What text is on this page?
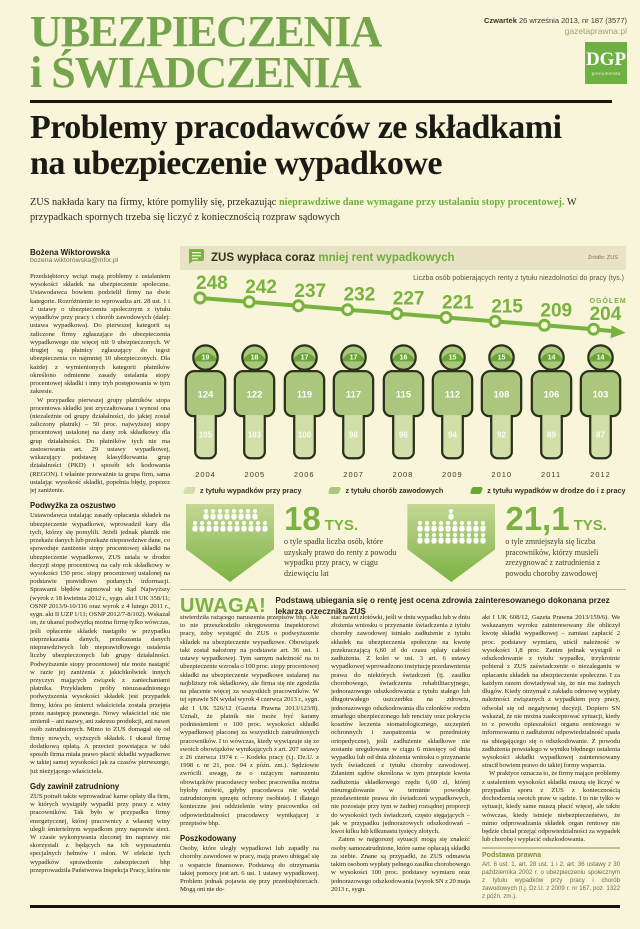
UBEZPIECZENIA
i ŚWIADCZENIA
Czwartek 26 września 2013, nr 187 (3577)
gazetaprawna.pl
DGP
prenumerata
Problemy pracodawców ze składkami
na ubezpieczenie wypadkowe

ZUS nakłada kary na firmy, które pomyliły się, przekazując nieprawdziwe dane wymagane przy ustalaniu stopy procentowej. W przypadkach spornych trzeba się liczyć z koniecznością rozpraw sądowych

Bożena Wiktorowska
bozena.wiktorowska@infor.pl

Przedsiębiorcy wciąż mają problemy z ustalaniem wysokości składek na ubezpieczenie społeczne. Ustawodawca bowiem podzielił firmy na dwie kategorie. Rozróżnienie to wprowadza art. 28 ust. 1 i 2 ustawy o ubezpieczeniu społecznym z tytułu wypadków przy pracy i chorób zawodowych (dalej: ustawa wypadkowa). Do pierwszej kategorii są zaliczone firmy zgłaszające do ubezpieczenia wypadkowego nie więcej niż 9 ubezpieczonych. W drugiej są płatnicy zgłaszający do tegoż ubezpieczenia co najmniej 10 ubezpieczonych. Dla każdej z wymienionych kategorii płatników określono odmienne zasady ustalania stopy procentowej składki i inny tryb postępowania w tym zakresie.

W przypadku pierwszej grupy płatników stopa procentowa składki jest zryczałtowana i wynosi ona (niezależnie od grupy działalności, do jakiej został zaliczony płatnik) – 50 proc. najwyższej stopy procentowej ustalonej na dany rok składkowy dla grup działalności. Do płatników tych nie ma zastosowania art. 29 ustawy wypadkowej, wskazujący podstawę klasyfikowania grup działalności (PKD) i sposób ich kodowania (REGON). I właśnie przeważnie ta grupa firm, sama ustalając wysokość składki, popełnia błędy, poprzez jej zaniżenie.

Podwyżka za oszustwo

Ustawodawca ustalając zasady opłacania składek na ubezpieczenie wypadkowe, wprowadził kary dla tych, którzy się pomylili. Jeżeli jednak płatnik nie przekaże danych lub przekaże nieprawdziwe dane, co spowoduje zaniżenie stopy procentowej składki na ubezpieczenie wypadkowe, ZUS ustala w drodze decyzji stopę procentową na cały rok składkowy w wysokości 150 proc. stopy procentowej ustalonej na podstawie prawidłowo podanych informacji. Sprawami błędów zajmował się Sąd Najwyższy (wyrok z 18 kwietnia 2012 r., sygn. akt I UK 358/11; OSNP 2013/9-10/116 oraz wyrok z 4 lutego 2011 r., sygn. akt II UZP 1/11; OSNP 2012/7-8/102). Wskazał on, że ukarać podwyżką można firmę tylko wówczas, jeśli opłacenie składek nastąpiło w przypadku nieprzekazania danych, przekazania danych nieprawdziwych lub nieprawidłowego ustalenia liczby ubezpieczonych lub grupy działalności. Podwyższenie stopy procentowej nie może nastąpić w razie jej zaniżenia z jakichkolwiek innych przyczyn mających związek z zaniechaniami płatnika. Przykładem próby nieuzasadnionego podwyższenia wysokości składek jest przypadek firmy, która po śmierci właściciela została przejęta przez następcę prawnego. Nowy właściciel nic nie zmienił – ani nazwy, ani zakresu produkcji, ani nawet osób zatrudnionych. Mimo to ZUS domagał się od firmy nowych, wyższych składek. I ukarał firmę dodatkową opłatą. A przecież powstająca w taki sposób firma miała prawo płacić składki wypadkowe w takiej samej wysokości jak za czasów pierwszego, już nieżyjącego właściciela.

Gdy zawinił zatrudniony

ZUS potrafi także wprowadzać karne opłaty dla firm, w których wystąpiły wypadki przy pracy z winy pracowników. Tak było w przypadku firmy energetycznej, której pracownicy z własnej winy ulegli śmiertelnym wypadkom przy naprawie sieci. W czasie wykonywania zleconej im naprawy nie skorzystali z będących na ich wyposażeniu specjalnych hełmów i osłon. W efekcie tych wypadków sprawdzenie zabezpieczeń bhp przeprowadziła Państwowa Inspekcja Pracy, która nie

ZUS wypłaca coraz mniej rent wypadkowych	Źródło: ZUS
Liczba osób pobierających renty z tytułu niezdolności do pracy (tys.)
248 242 237 232 227 221 215 209 OGÓŁEM
204
19
124
105
2004
18
122
103
2005
17
119
100
2006
17
117
98
2007
16
115
96
2008
15
112
94
2009
15
108
92
2010
14
106
89
2011
14
103
87
2012
z tytułu wypadków przy pracy	z tytułu chorób zawodowych	z tytułu wypadków w drodze do i z pracy
18 TYS.
o tyle spadła liczba osób, które uzyskały prawo do renty z powodu wypadku przy pracy, w ciągu dziewięciu lat
21,1 TYS.
o tyle zmniejszyła się liczba pracowników, którzy musieli zrezygnować z zatrudnienia z powodu choroby zawodowej
UWAGA! Podstawą ubiegania się o rentę jest ocena zdrowia zainteresowanego dokonana przez lekarza orzecznika ZUS

stwierdziła rażącego naruszenia przepisów bhp. Ale to nie przeszkodziło okręgowemu inspektorowi pracy, żeby wystąpić do ZUS o podwyższenie składek na ubezpieczenie wypadkowe. Obowiązek taki został nałożony na podstawie art. 36 ust. 1 ustawy wypadkowej. Tym samym należność na to ubezpieczenie wzrosła o 100 proc. stopy procentowej składki na ubezpieczenie wypadkowe ustalanej na najbliższy rok składkowy, ale firma się nie zgodziła na płacenie więcej za wszystkich pracowników. W tej sprawie SN wydał wyrok 4 czerwca 2013 r., sygn. akt I UK 526/12 (Gazeta Prawna 2013/123/8). Uznali, że płatnik nie może być karany podniesieniem o 100 proc. wysokości składki wypadkowej płaconej za wszystkich zatrudnionych pracowników. I to wówczas, kiedy wywiązuje się ze swoich obowiązków wynikających z art. 207 ustawy z 26 czerwca 1974 r. – Kodeks pracy (t.j. Dz.U. z 1998 r. nr 21, poz. 94 z późn. zm.). Sędziowie zwrócili uwagę, że o rażącym naruszeniu obowiązków pracodawcy wobec pracownika można byłoby mówić, gdyby pracodawca nie wydał zatrudnionym sprzętu ochrony osobistej. I dlatego konieczne jest oddzielenie winy pracownika od odpowiedzialności pracodawcy wynikającej z przepisów bhp.

Poszkodowany

Osoby, które uległy wypadkowi lub zapadły na choroby zawodowe w pracy, mają prawo ubiegać się o wsparcie finansowe. Podstawą do otrzymania takiej pomocy jest art. 6 ust. 1 ustawy wypadkowej. Problem jednak pojawia się przy przedsiębiorcach. Mogą oni nie do-

stać nawet złotówki, jeśli w dniu wypadku lub w dniu złożenia wniosku o przyznanie świadczenia z tytułu choroby zawodowej istniało zadłużenie z tytułu składek na ubezpieczenia społeczne na kwotę przekraczającą 6,60 zł do czasu spłaty całości zadłużenia. Z kolei w ust. 3 art. 6 ustawy wypadkowej wprowadzono instytucję przedawnienia prawa do niektórych świadczeń (tj. zasiłku chorobowego, świadczenia rehabilitacyjnego, jednorazowego odszkodowania z tytułu stałego lub długotrwałego uszczerbku na zdrowiu, jednorazowego odszkodowania dla członków rodzin zmarłego ubezpieczonego lub rencisty oraz pokrycia kosztów leczenia stomatologicznego, szczepień ochronnych i zaopatrzenia w przedmioty ortopedyczne), jeśli zadłużenie składkowe nie zostanie uregulowane w ciągu 6 miesięcy od dnia wypadku lub od dnia złożenia wniosku o przyznanie tych świadczeń z tytułu choroby zawodowej. Zdaniem sądów określona w tym przepisie kwota zadłużenia składkowego rzędu 6,60 zł, której nieuregulowanie w terminie powoduje przedawnienie prawa do świadczeń wypadkowych, nie pozostaje przy tym w żadnej rozsądnej proporcji do wysokości tych świadczeń, często sięgających – jak w przypadku jednorazowych odszkodowań – kwot kilku lub kilkunastu tysięcy złotych.

Zatem w najgorszej sytuacji mogą się znaleźć osoby samozatrudnione, które same opłacają składki za siebie. Znane są przypadki, że ZUS odmawia takim osobom wypłaty pełnego zasiłku chorobowego w wysokości 100 proc. podstawy wymiaru oraz jednorazowego odszkodowania (wyrok SN z 20 maja 2013 r., sygn.

akt I UK 608/12, Gazeta Prawna 2013/159/6). We wskazanym wyroku zainteresowany źle obliczył kwotę składki wypadkowej – zamiast zapłacić 2 proc. podstawy wymiaru, uiścił należność w wysokości 1,8 proc. Zanim jednak wystąpił o odszkodowanie z tytułu wypadku, trzykrotnie pobierał z ZUS zaświadczenie o niezaleganiu w opłacaniu składek na ubezpieczenie społeczne. I za każdym razem dowiadywał się, że nie ma żadnych długów. Kiedy otrzymał z zakładu odmowę wypłaty należności związanych z wypadkiem przy pracy, odwołał się od negatywnej decyzji. Dopiero SN wskazał, że nie można zaakceptować sytuacji, kiedy to z powodu opieszałości organu rentowego w informowaniu o zadłużeniu odpowiedzialność spada na ubiegającego się o odszkodowanie. Z powodu zadłużenia powstałego w wyniku błędnego ustalenia wysokości składki wypadkowej zainteresowany stracił bowiem prawo do takiej formy wsparcia.

W praktyce oznacza to, że firmy mające problemy z ustaleniem wysokości składki muszą się liczyć w przypadku sporu z ZUS z koniecznością dochodzenia swoich praw w sądzie. I to nie tylko w sytuacji, kiedy same muszą płacić więcej, ale także wówczas, kiedy istnieje niebezpieczeństwo, że mimo odprowadzania składek organ rentowy nie będzie chciał przejąć odpowiedzialności za wypadek lub chorobę i wypłacić odszkodowania.

Podstawa prawna
Art. 6 ust. 1, art. 28 ust. 1 i 2, art. 36 ustawy z 30 października 2002 r. o ubezpieczeniu społecznym z tytułu wypadków przy pracy i chorób zawodowych (t.j. Dz.U. z 2009 r. nr 167, poz. 1322 z późn. zm.).
